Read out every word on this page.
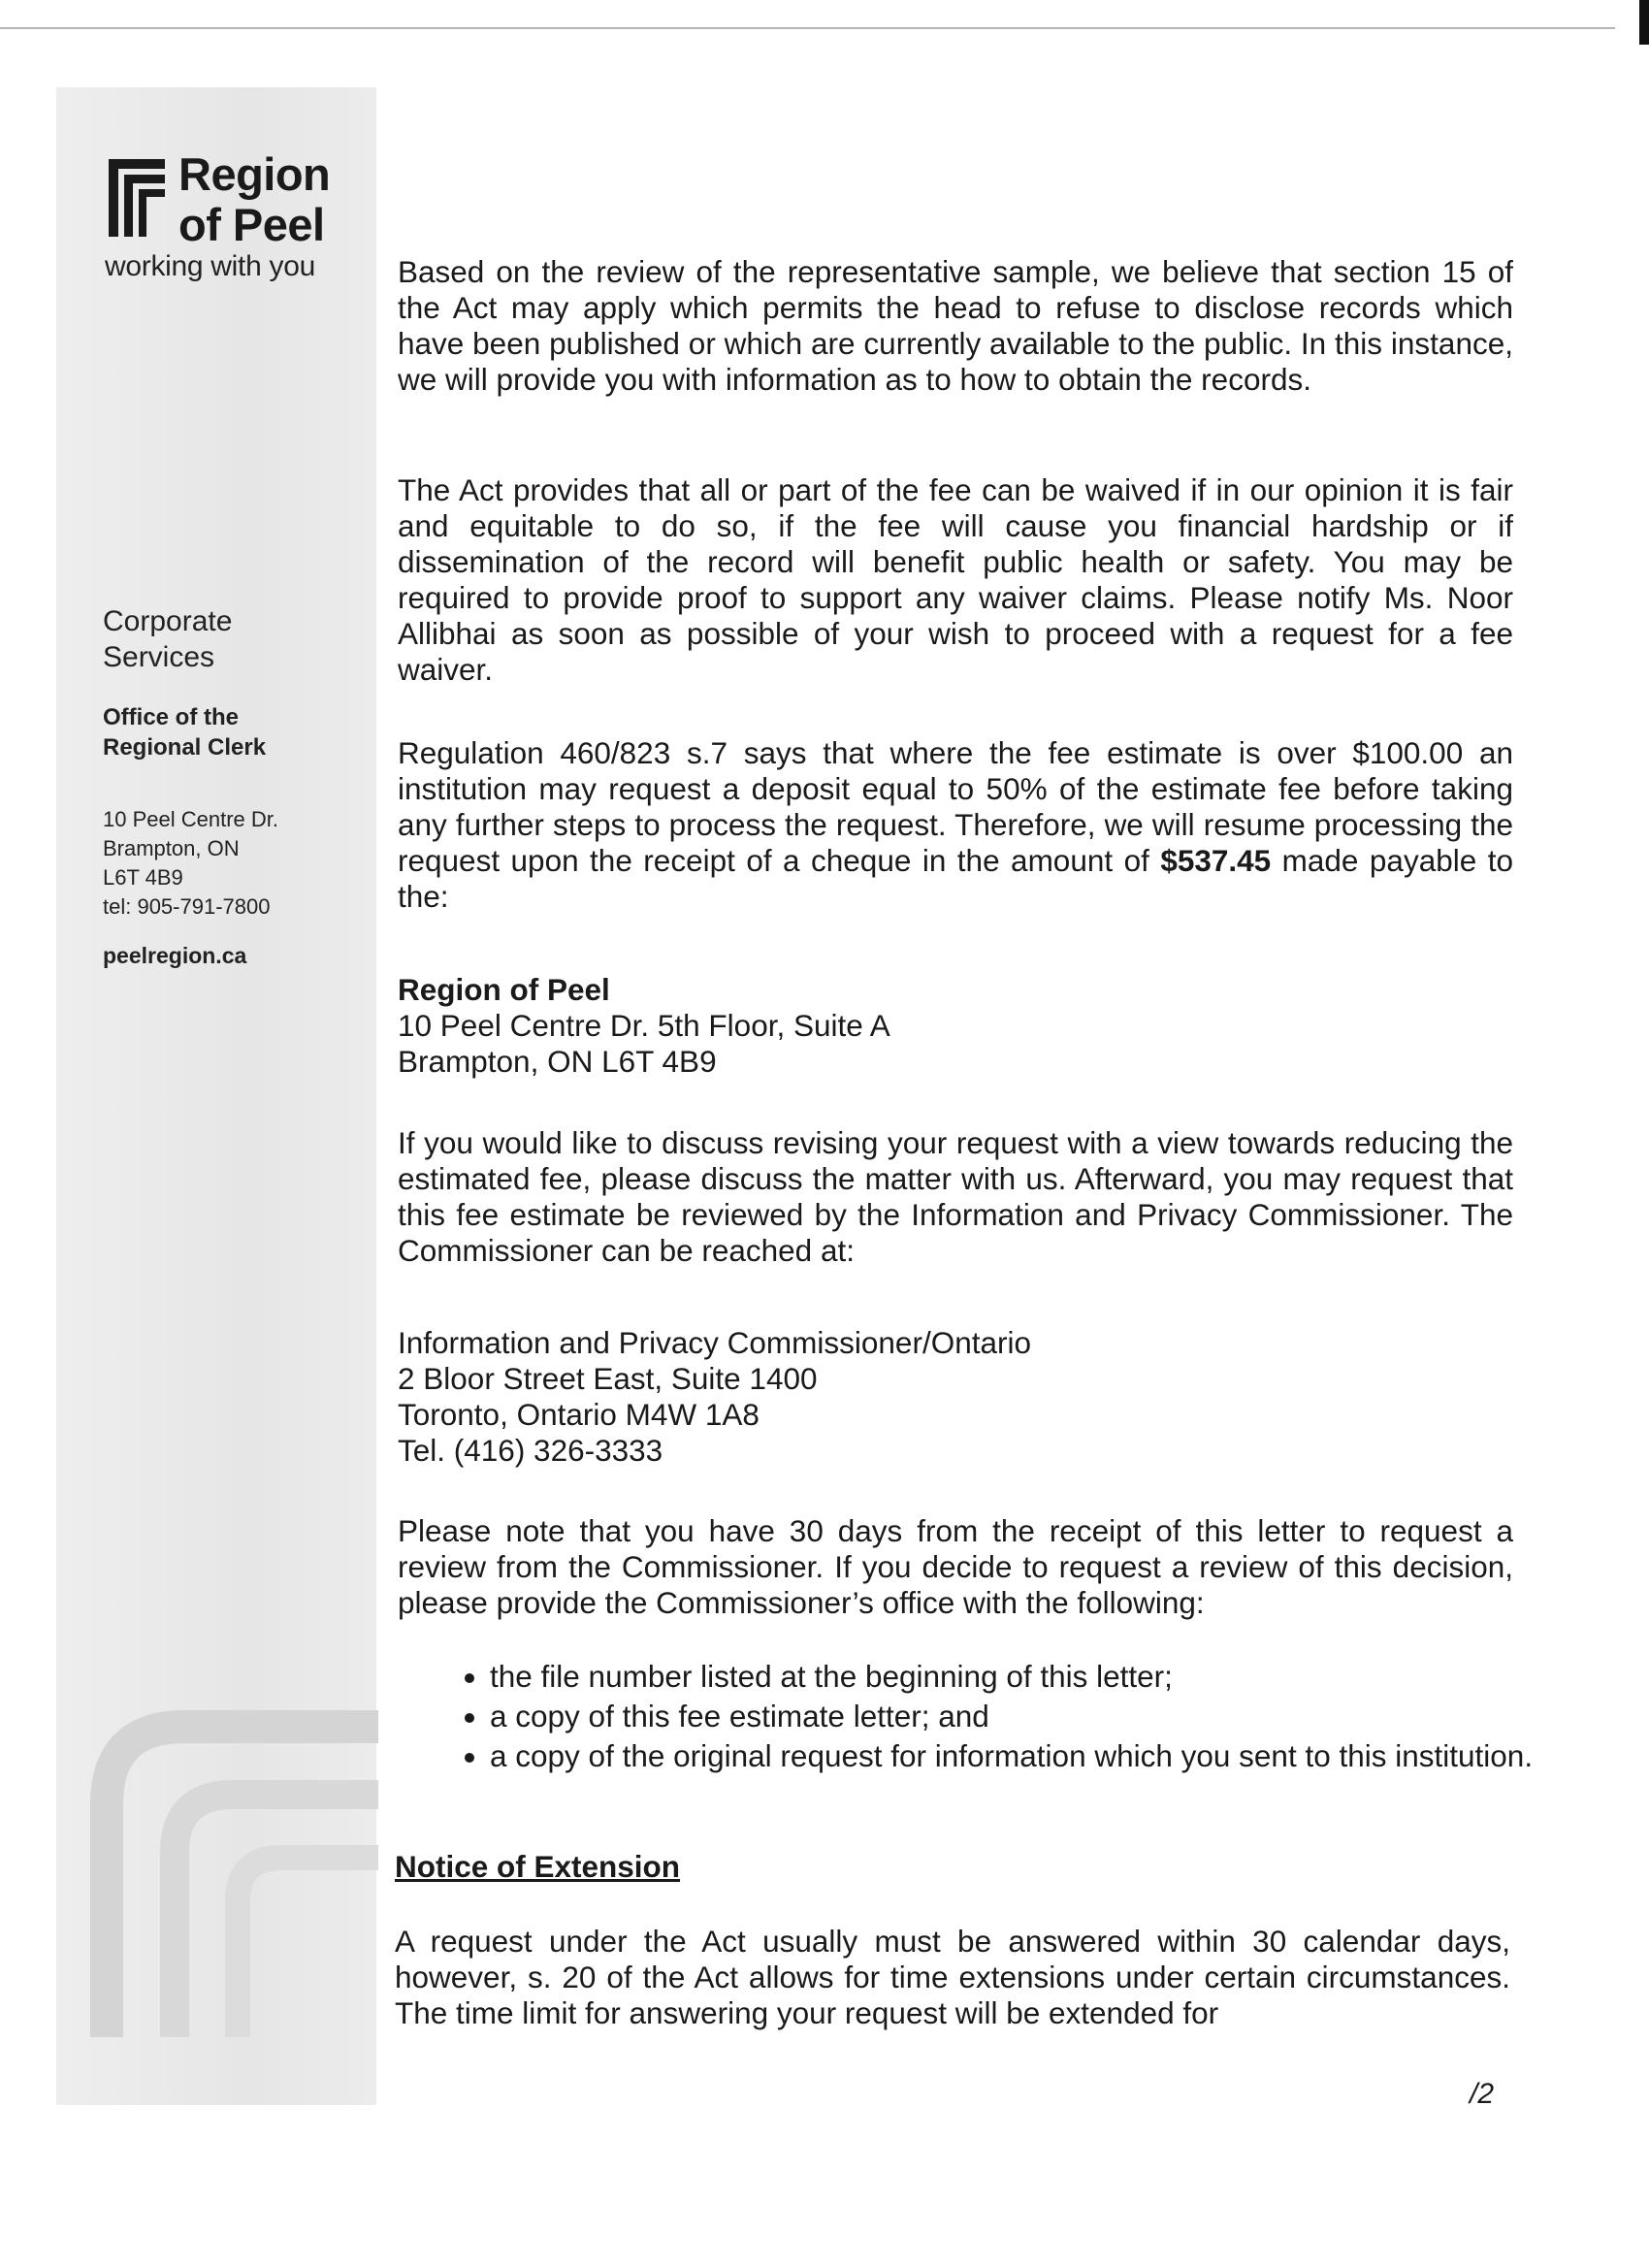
Region
of Peel
working with you
Corporate
Services
Office of the
Regional Clerk
10 Peel Centre Dr.
Brampton, ON
L6T 4B9
tel: 905-791-7800
peelregion.ca

Based on the review of the representative sample, we believe that section 15 of the Act may apply which permits the head to refuse to disclose records which have been published or which are currently available to the public. In this instance, we will provide you with information as to how to obtain the records.

The Act provides that all or part of the fee can be waived if in our opinion it is fair and equitable to do so, if the fee will cause you financial hardship or if dissemination of the record will benefit public health or safety. You may be required to provide proof to support any waiver claims. Please notify Ms. Noor Allibhai as soon as possible of your wish to proceed with a request for a fee waiver.

Regulation 460/823 s.7 says that where the fee estimate is over $100.00 an institution may request a deposit equal to 50% of the estimate fee before taking any further steps to process the request. Therefore, we will resume processing the request upon the receipt of a cheque in the amount of $537.45 made payable to the:

Region of Peel
10 Peel Centre Dr. 5th Floor, Suite A
Brampton, ON L6T 4B9

If you would like to discuss revising your request with a view towards reducing the estimated fee, please discuss the matter with us. Afterward, you may request that this fee estimate be reviewed by the Information and Privacy Commissioner. The Commissioner can be reached at:

Information and Privacy Commissioner/Ontario
2 Bloor Street East, Suite 1400
Toronto, Ontario M4W 1A8
Tel. (416) 326-3333

Please note that you have 30 days from the receipt of this letter to request a review from the Commissioner. If you decide to request a review of this decision, please provide the Commissioner’s office with the following:

• the file number listed at the beginning of this letter;
• a copy of this fee estimate letter; and
• a copy of the original request for information which you sent to this institution.
Notice of Extension

A request under the Act usually must be answered within 30 calendar days, however, s. 20 of the Act allows for time extensions under certain circumstances. The time limit for answering your request will be extended for

/2
